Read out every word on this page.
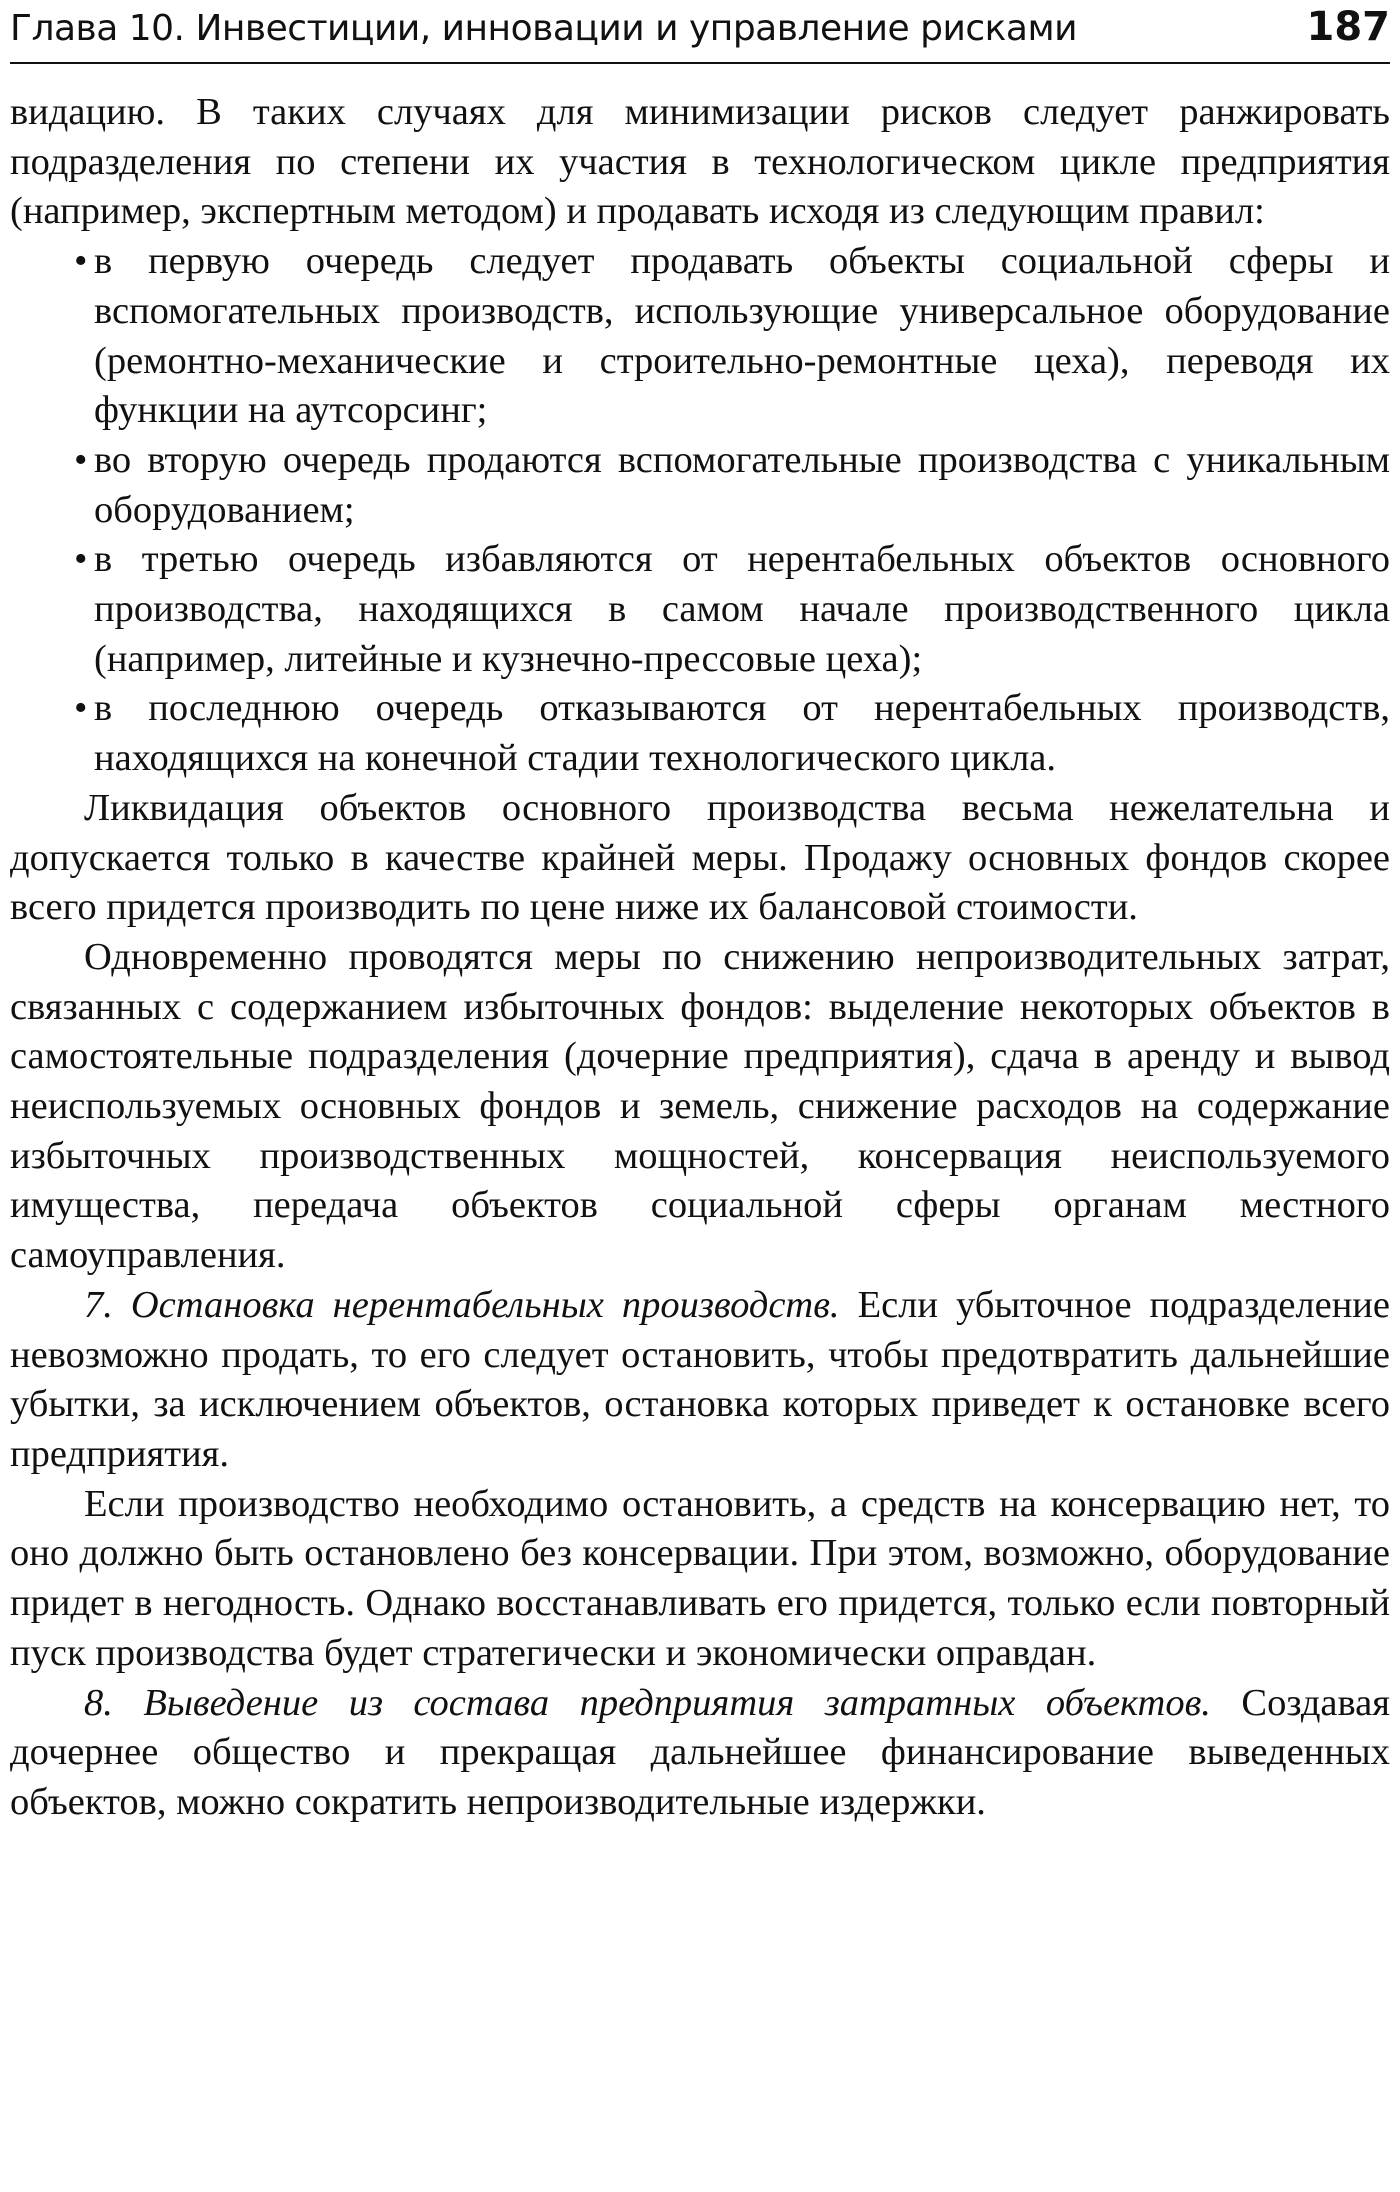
Глава 10. Инвестиции, инновации и управление рисками	187

видацию. В таких случаях для минимизации рисков следует ранжировать подразделения по степени их участия в технологическом цикле предприятия (например, экспертным методом) и продавать исходя из следующим правил:

• в первую очередь следует продавать объекты социальной сферы и вспомогательных производств, использующие универсальное оборудование (ремонтно-механические и строительно-ремонтные цеха), переводя их функции на аутсорсинг;
• во вторую очередь продаются вспомогательные производства с уникальным оборудованием;
• в третью очередь избавляются от нерентабельных объектов основного производства, находящихся в самом начале производственного цикла (например, литейные и кузнечно-прессовые цеха);
• в последнюю очередь отказываются от нерентабельных производств, находящихся на конечной стадии технологического цикла.

Ликвидация объектов основного производства весьма нежелательна и допускается только в качестве крайней меры. Продажу основных фондов скорее всего придется производить по цене ниже их балансовой стоимости.

Одновременно проводятся меры по снижению непроизводительных затрат, связанных с содержанием избыточных фондов: выделение некоторых объектов в самостоятельные подразделения (дочерние предприятия), сдача в аренду и вывод неиспользуемых основных фондов и земель, снижение расходов на содержание избыточных производственных мощностей, консервация неиспользуемого имущества, передача объектов социальной сферы органам местного самоуправления.

7. Остановка нерентабельных производств. Если убыточное подразделение невозможно продать, то его следует остановить, чтобы предотвратить дальнейшие убытки, за исключением объектов, остановка которых приведет к остановке всего предприятия.

Если производство необходимо остановить, а средств на консервацию нет, то оно должно быть остановлено без консервации. При этом, возможно, оборудование придет в негодность. Однако восстанавливать его придется, только если повторный пуск производства будет стратегически и экономически оправдан.

8. Выведение из состава предприятия затратных объектов. Создавая дочернее общество и прекращая дальнейшее финансирование выведенных объектов, можно сократить непроизводительные издержки.
